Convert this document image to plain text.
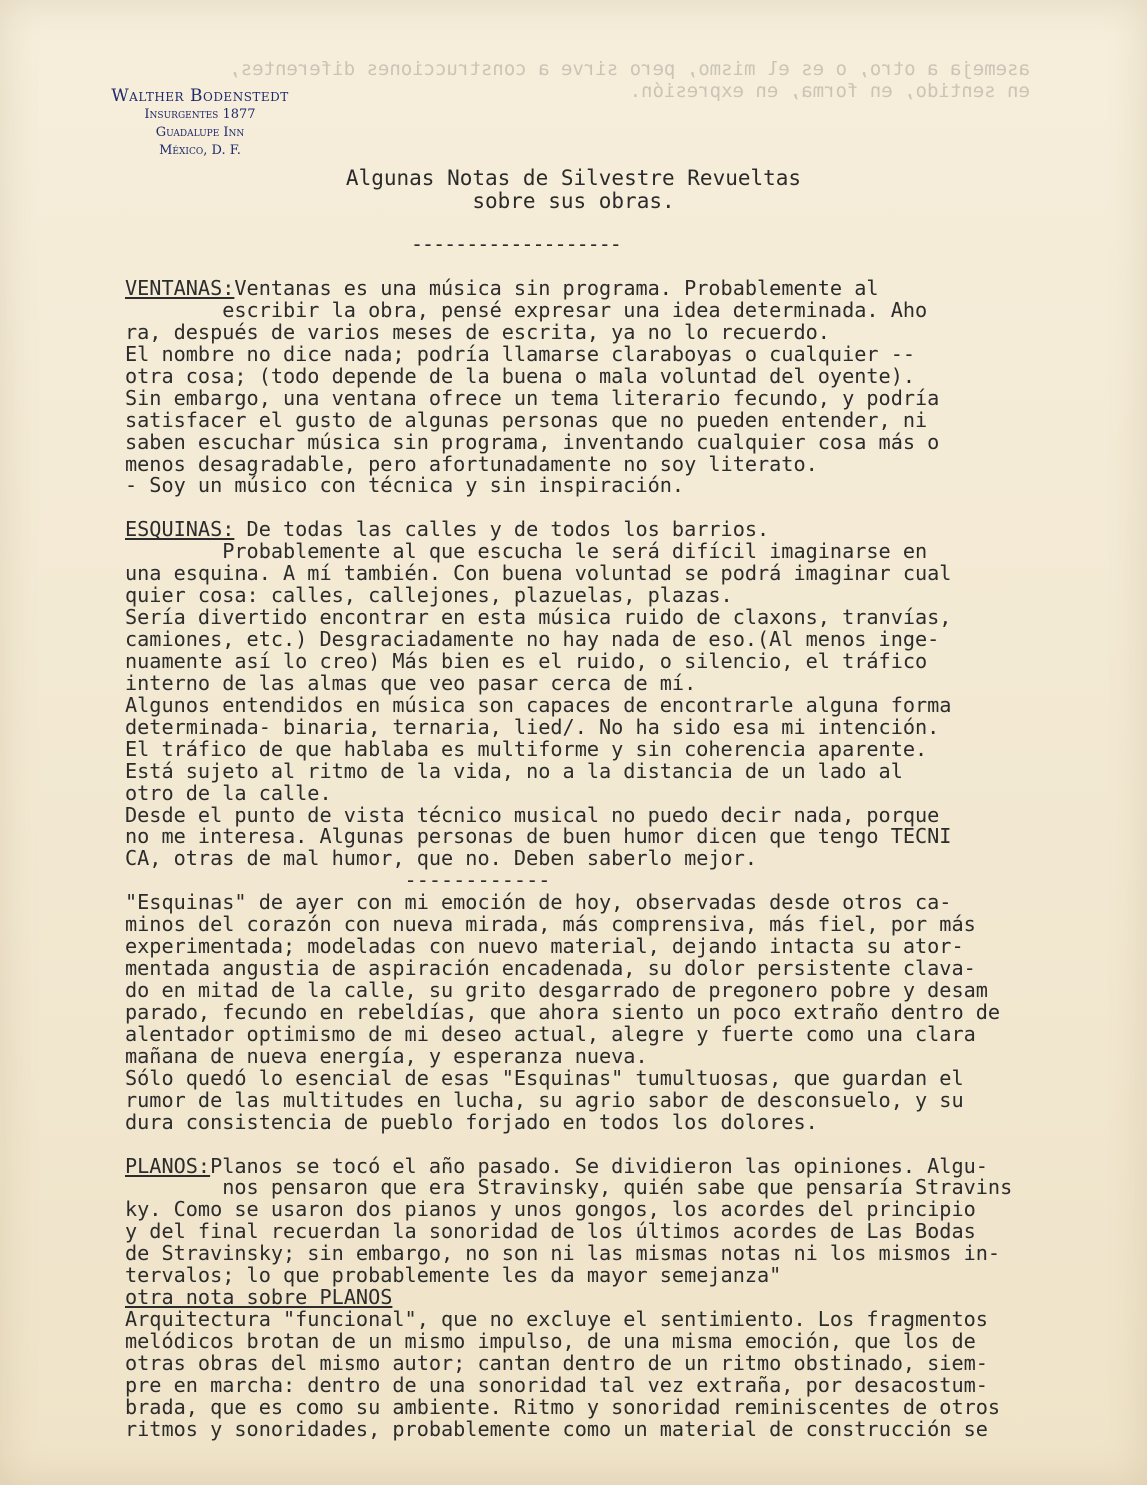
asemeja a otro, o es el mismo, pero sirve a construcciones diferentes,
en sentido, en forma, en expresión.
Walther Bodenstedt
Insurgentes 1877
Guadalupe Inn
México, D. F.
Algunas Notas de Silvestre Revueltas
sobre sus obras.
-------------------
VENTANAS:Ventanas es una música sin programa. Probablemente al
escribir la obra, pensé expresar una idea determinada. Aho
ra, después de varios meses de escrita, ya no lo recuerdo.
El nombre no dice nada; podría llamarse claraboyas o cualquier --
otra cosa; (todo depende de la buena o mala voluntad del oyente).
Sin embargo, una ventana ofrece un tema literario fecundo, y podría
satisfacer el gusto de algunas personas que no pueden entender, ni
saben escuchar música sin programa, inventando cualquier cosa más o
menos desagradable, pero afortunadamente no soy literato.
- Soy un músico con técnica y sin inspiración.
ESQUINAS: De todas las calles y de todos los barrios.
Probablemente al que escucha le será difícil imaginarse en
una esquina. A mí también. Con buena voluntad se podrá imaginar cual
quier cosa: calles, callejones, plazuelas, plazas.
Sería divertido encontrar en esta música ruido de claxons, tranvías,
camiones, etc.) Desgraciadamente no hay nada de eso.(Al menos inge-
nuamente así lo creo) Más bien es el ruido, o silencio, el tráfico
interno de las almas que veo pasar cerca de mí.
Algunos entendidos en música son capaces de encontrarle alguna forma
determinada- binaria, ternaria, lied/. No ha sido esa mi intención.
El tráfico de que hablaba es multiforme y sin coherencia aparente.
Está sujeto al ritmo de la vida, no a la distancia de un lado al
otro de la calle.
Desde el punto de vista técnico musical no puedo decir nada, porque
no me interesa. Algunas personas de buen humor dicen que tengo TECNI
CA, otras de mal humor, que no. Deben saberlo mejor.
------------
"Esquinas" de ayer con mi emoción de hoy, observadas desde otros ca-
minos del corazón con nueva mirada, más comprensiva, más fiel, por más
experimentada; modeladas con nuevo material, dejando intacta su ator-
mentada angustia de aspiración encadenada, su dolor persistente clava-
do en mitad de la calle, su grito desgarrado de pregonero pobre y desam
parado, fecundo en rebeldías, que ahora siento un poco extraño dentro de
alentador optimismo de mi deseo actual, alegre y fuerte como una clara
mañana de nueva energía, y esperanza nueva.
Sólo quedó lo esencial de esas "Esquinas" tumultuosas, que guardan el
rumor de las multitudes en lucha, su agrio sabor de desconsuelo, y su
dura consistencia de pueblo forjado en todos los dolores.
PLANOS:Planos se tocó el año pasado. Se dividieron las opiniones. Algu-
nos pensaron que era Stravinsky, quién sabe que pensaría Stravins
ky. Como se usaron dos pianos y unos gongos, los acordes del principio
y del final recuerdan la sonoridad de los últimos acordes de Las Bodas
de Stravinsky; sin embargo, no son ni las mismas notas ni los mismos in-
tervalos; lo que probablemente les da mayor semejanza"
otra nota sobre PLANOS
Arquitectura "funcional", que no excluye el sentimiento. Los fragmentos
melódicos brotan de un mismo impulso, de una misma emoción, que los de
otras obras del mismo autor; cantan dentro de un ritmo obstinado, siem-
pre en marcha: dentro de una sonoridad tal vez extraña, por desacostum-
brada, que es como su ambiente. Ritmo y sonoridad reminiscentes de otros
ritmos y sonoridades, probablemente como un material de construcción se
